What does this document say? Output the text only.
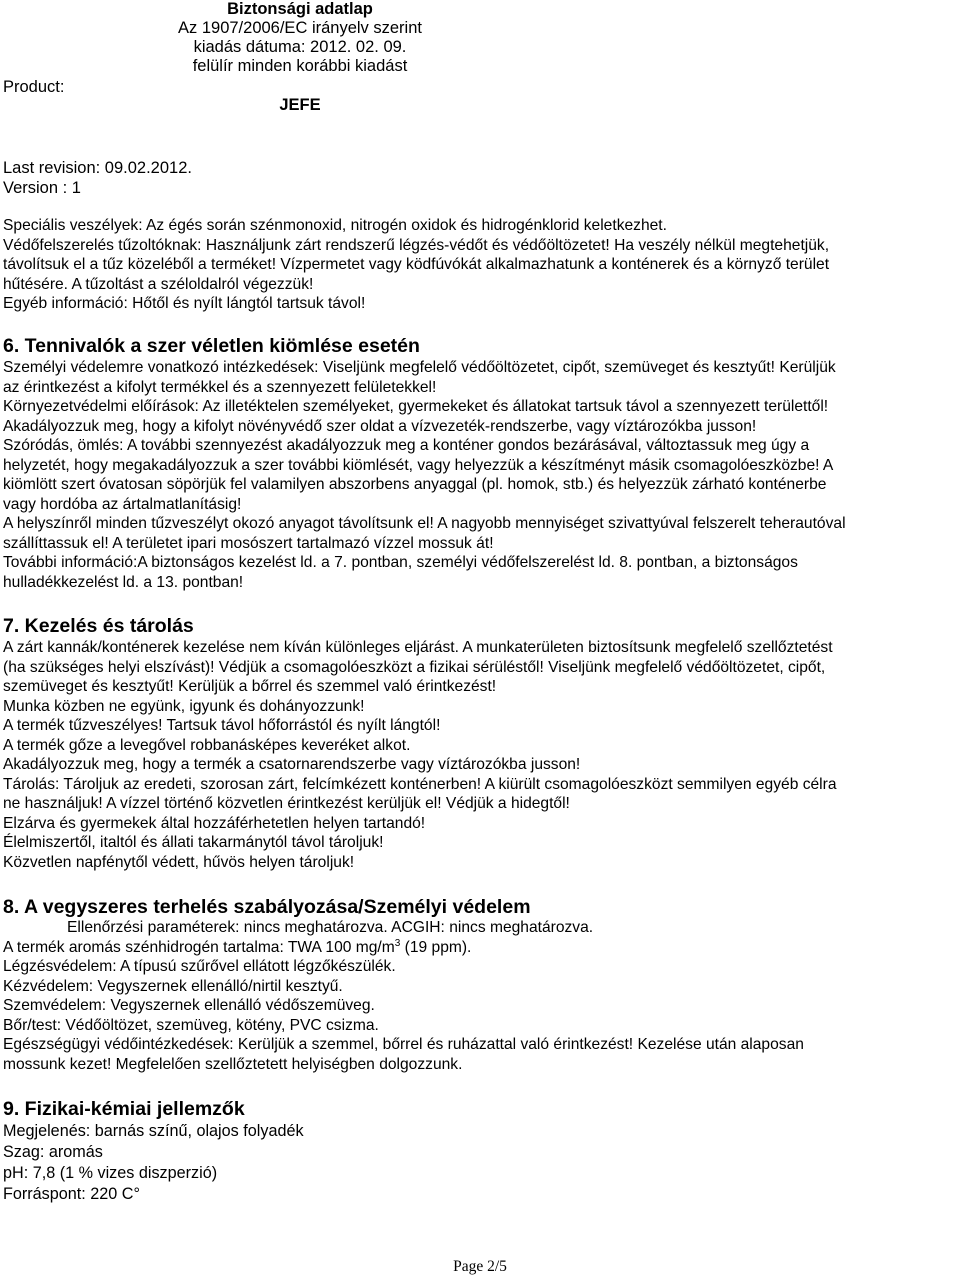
Biztonsági adatlap
Az 1907/2006/EC irányelv szerint
kiadás dátuma: 2012. 02. 09.
felülír minden korábbi kiadást
Product:
JEFE
Last revision: 09.02.2012.
Version : 1

Speciális veszélyek: Az égés során szénmonoxid, nitrogén oxidok és hidrogénklorid keletkezhet.

Védőfelszerelés tűzoltóknak: Használjunk zárt rendszerű légzés-védőt és védőöltözetet! Ha veszély nélkül megtehetjük,

távolítsuk el a tűz közeléből a terméket! Vízpermetet vagy ködfúvókát alkalmazhatunk a konténerek és a környző terület

hűtésére. A tűzoltást a széloldalról végezzük!

Egyéb információ: Hőtől és nyílt lángtól tartsuk távol!

6. Tennivalók a szer véletlen kiömlése esetén

Személyi védelemre vonatkozó intézkedések: Viseljünk megfelelő védőöltözetet, cipőt, szemüveget és kesztyűt! Kerüljük

az érintkezést a kifolyt termékkel és a szennyezett felületekkel!

Környezetvédelmi előírások: Az illetéktelen személyeket, gyermekeket és állatokat tartsuk távol a szennyezett területtől!

Akadályozzuk meg, hogy a kifolyt növényvédő szer oldat a vízvezeték-rendszerbe, vagy víztározókba jusson!

Szóródás, ömlés: A további szennyezést akadályozzuk meg a konténer gondos bezárásával, változtassuk meg úgy a

helyzetét, hogy megakadályozzuk a szer további kiömlését, vagy helyezzük a készítményt másik csomagolóeszközbe! A

kiömlött szert óvatosan söpörjük fel valamilyen abszorbens anyaggal (pl. homok, stb.) és helyezzük zárható konténerbe

vagy hordóba az ártalmatlanításig!

A helyszínről minden tűzveszélyt okozó anyagot távolítsunk el! A nagyobb mennyiséget szivattyúval felszerelt teherautóval

szállíttassuk el! A területet ipari mosószert tartalmazó vízzel mossuk át!

További információ:A biztonságos kezelést ld. a 7. pontban, személyi védőfelszerelést ld. 8. pontban, a biztonságos

hulladékkezelést ld. a 13. pontban!

7. Kezelés és tárolás

A zárt kannák/konténerek kezelése nem kíván különleges eljárást. A munkaterületen biztosítsunk megfelelő szellőztetést

(ha szükséges helyi elszívást)! Védjük a csomagolóeszközt a fizikai sérüléstől! Viseljünk megfelelő védőöltözetet, cipőt,

szemüveget és kesztyűt! Kerüljük a bőrrel és szemmel való érintkezést!

Munka közben ne együnk, igyunk és dohányozzunk!

A termék tűzveszélyes! Tartsuk távol hőforrástól és nyílt lángtól!

A termék gőze a levegővel robbanásképes keveréket alkot.

Akadályozzuk meg, hogy a termék a csatornarendszerbe vagy víztározókba jusson!

Tárolás: Tároljuk az eredeti, szorosan zárt, felcímkézett konténerben! A kiürült csomagolóeszközt semmilyen egyéb célra

ne használjuk! A vízzel történő közvetlen érintkezést kerüljük el! Védjük a hidegtől!

Elzárva és gyermekek által hozzáférhetetlen helyen tartandó!

Élelmiszertől, italtól és állati takarmánytól távol tároljuk!

Közvetlen napfénytől védett, hűvös helyen tároljuk!

8. A vegyszeres terhelés szabályozása/Személyi védelem

Ellenőrzési paraméterek: nincs meghatározva. ACGIH: nincs meghatározva.

A termék aromás szénhidrogén tartalma: TWA 100 $mg/m^3$ (19 ppm).

Légzésvédelem: A típusú szűrővel ellátott légzőkészülék.

Kézvédelem: Vegyszernek ellenálló/nirtil kesztyű.

Szemvédelem: Vegyszernek ellenálló védőszemüveg.

Bőr/test: Védőöltözet, szemüveg, kötény, PVC csizma.

Egészségügyi védőintézkedések: Kerüljük a szemmel, bőrrel és ruházattal való érintkezést! Kezelése után alaposan

mossunk kezet! Megfelelően szellőztetett helyiségben dolgozzunk.

9. Fizikai-kémiai jellemzők

Megjelenés: barnás színű, olajos folyadék

Szag: aromás

pH: 7,8 (1 % vizes diszperzió)

Forráspont: 220 C°

Page 2/5
